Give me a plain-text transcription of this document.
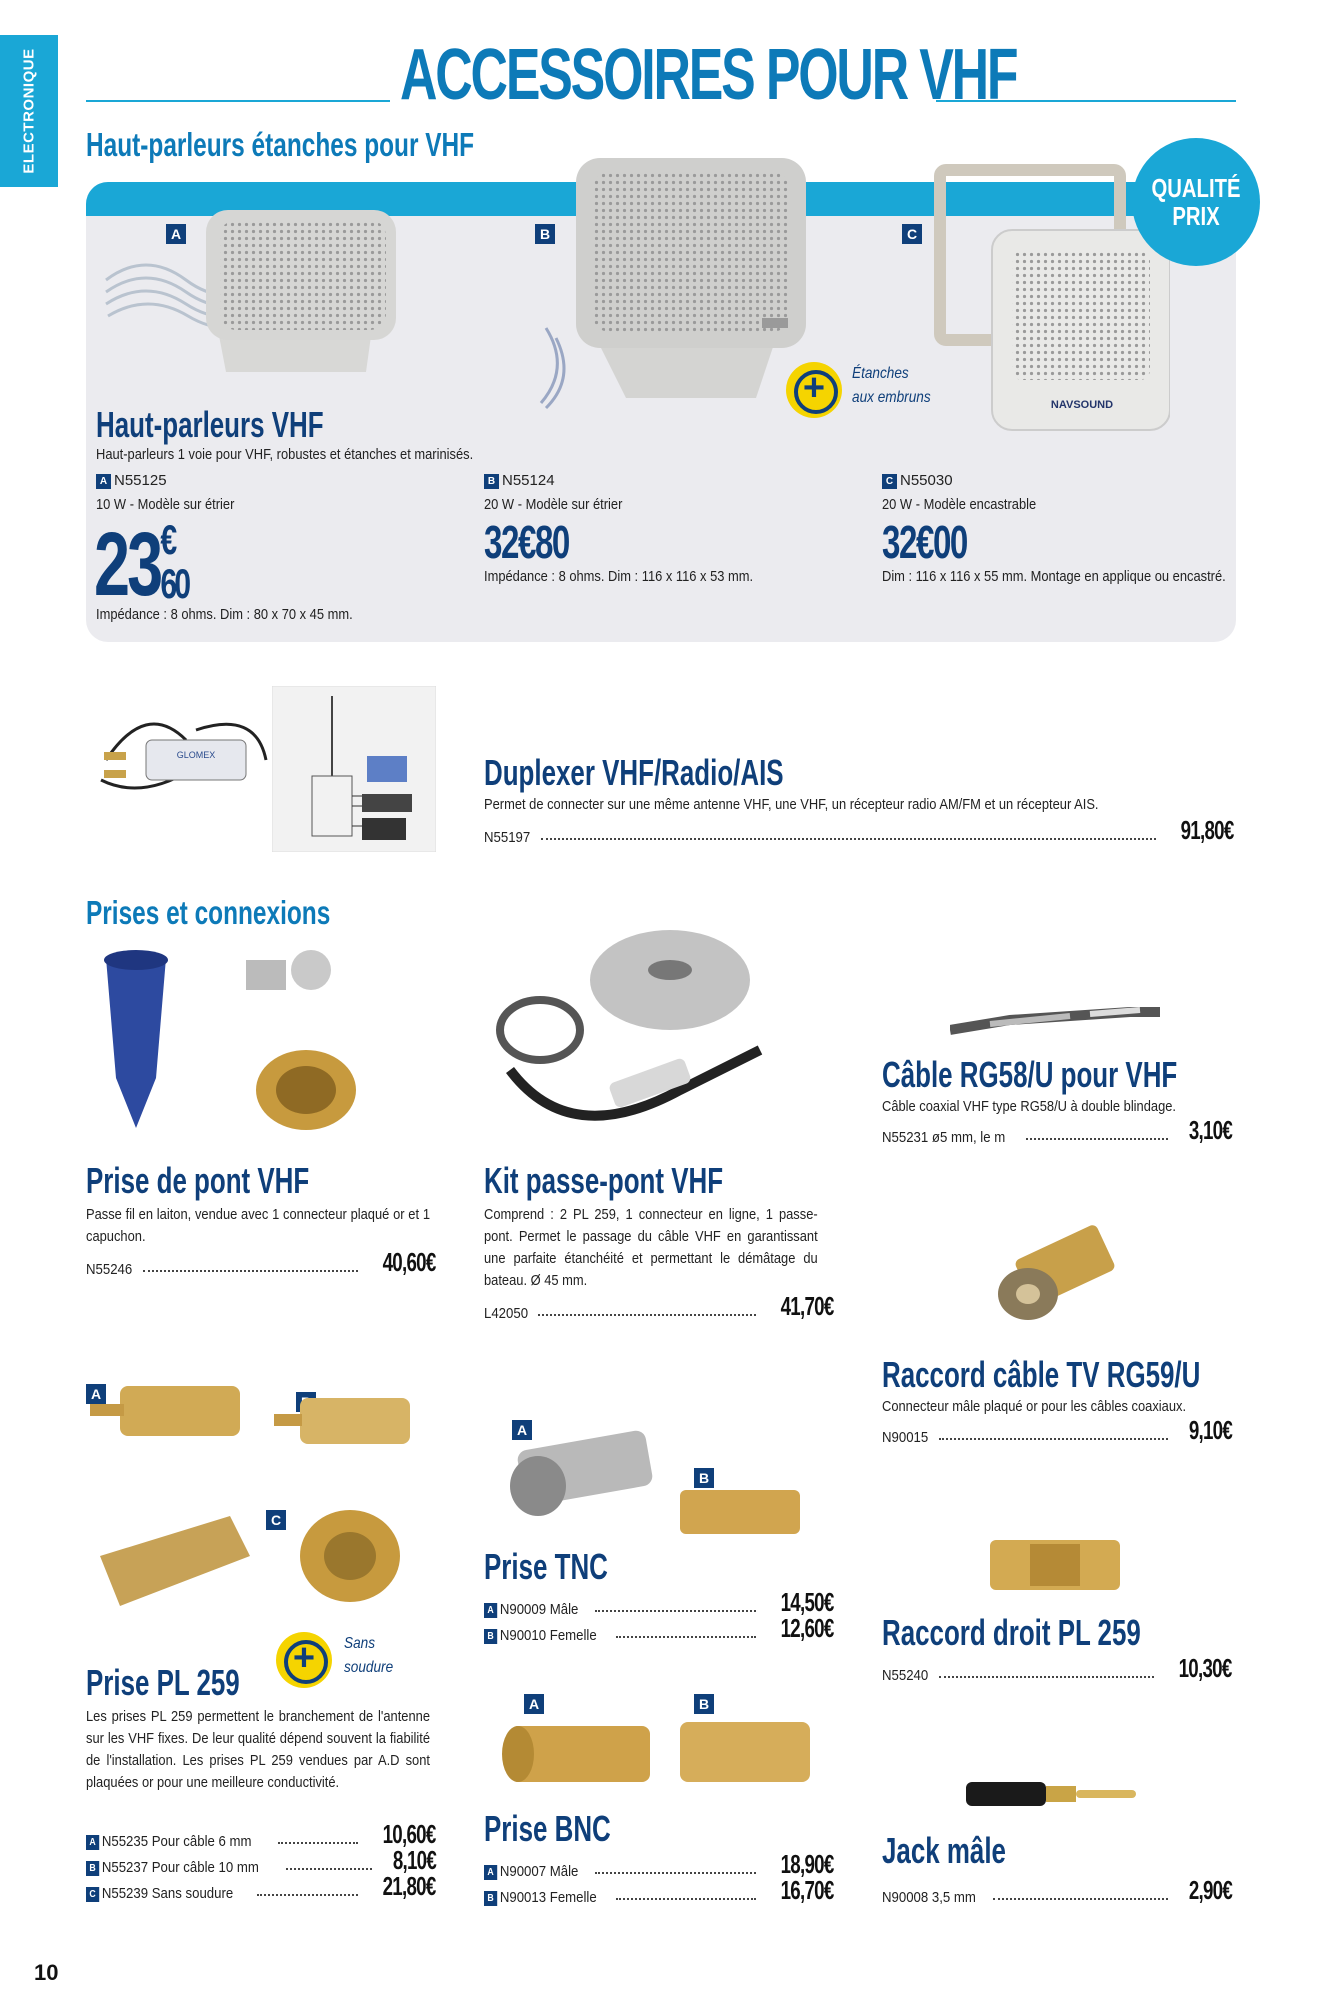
ELECTRONIQUE	ACCESSOIRES POUR VHF
Haut-parleurs étanches pour VHF
NAVSOUND
A	B	C
QUALITÉ
PRIX
+
Étanches
aux embruns
Haut-parleurs VHF
Haut-parleurs 1 voie pour VHF, robustes et étanches et marinisés.
A N55125
10 W - Modèle sur étrier
23 €
60
Impédance : 8 ohms. Dim : 80 x 70 x 45 mm.
B N55124
20 W - Modèle sur étrier
32€80
Impédance : 8 ohms. Dim : 116 x 116 x 53 mm.
C N55030
20 W - Modèle encastrable
32€00
Dim : 116 x 116 x 55 mm. Montage en applique ou encastré.
GLOMEX	Duplexer VHF/Radio/AIS
Permet de connecter sur une même antenne VHF, une VHF, un récepteur radio AM/FM et un récepteur AIS.
N55197	91,80€
Prises et connexions
Prise de pont VHF
Passe fil en laiton, vendue avec 1 connecteur plaqué or et 1 capuchon.
N55246	40,60€
Kit passe-pont VHF
Comprend : 2 PL 259, 1 connecteur en ligne, 1 passe-pont. Permet le passage du câble VHF en garantissant une parfaite étanchéité et permettant le démâtage du bateau. Ø 45 mm.
L42050	41,70€
Câble RG58/U pour VHF
Câble coaxial VHF type RG58/U à double blindage.
N55231 ø5 mm, le m	3,10€
Raccord câble TV RG59/U
Connecteur mâle plaqué or pour les câbles coaxiaux.
N90015	9,10€
A
C
+
Sans
soudure
Prise PL 259
Les prises PL 259 permettent le branchement de l'antenne sur les VHF fixes. De leur qualité dépend souvent la fiabilité de l'installation. Les prises PL 259 vendues par A.D sont plaquées or pour une meilleure conductivité.
A N55235 Pour câble 6 mm	10,60€
B N55237 Pour câble 10 mm	8,10€
C N55239 Sans soudure	21,80€
A
B
Prise TNC
A N90009 Mâle	14,50€
B N90010 Femelle	12,60€ Raccord droit PL 259
N55240	10,30€
A	B
Prise BNC
A N90007 Mâle	18,90€
B N90013 Femelle	16,70€
Jack mâle
N90008 3,5 mm	2,90€
10
